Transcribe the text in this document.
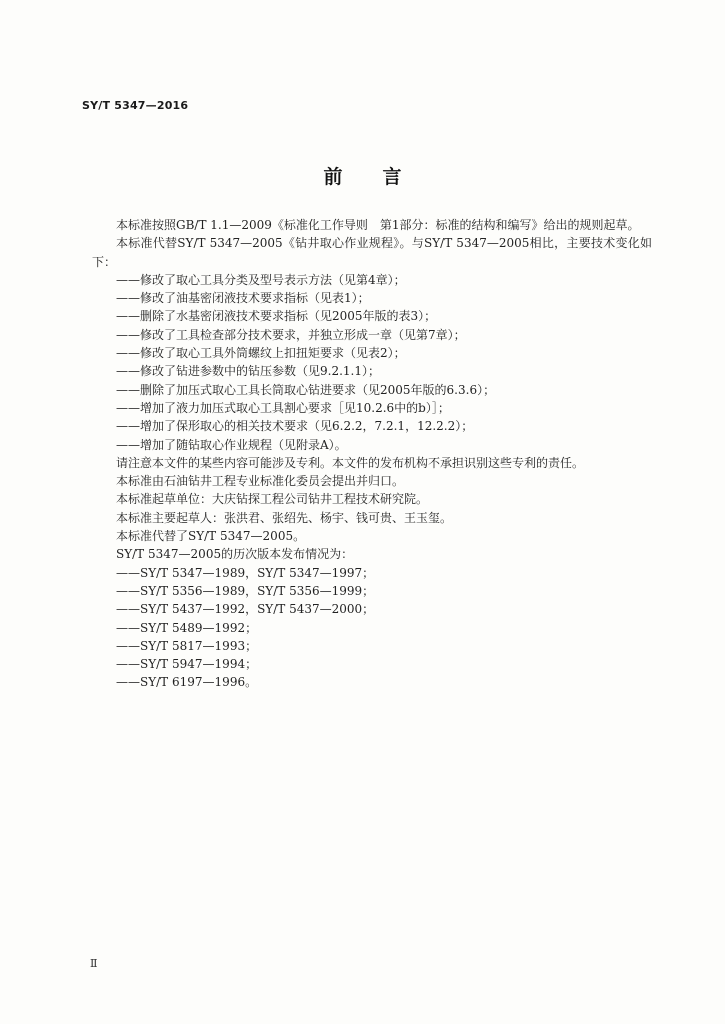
SY/T 5347—2016
前 言

本标准按照GB/T 1.1—2009《标准化工作导则　第1部分：标准的结构和编写》给出的规则起草。

本标准代替SY/T 5347—2005《钻井取心作业规程》。与SY/T 5347—2005相比，主要技术变化如下：

——修改了取心工具分类及型号表示方法（见第4章）；

——修改了油基密闭液技术要求指标（见表1）；

——删除了水基密闭液技术要求指标（见2005年版的表3）；

——修改了工具检查部分技术要求，并独立形成一章（见第7章）；

——修改了取心工具外筒螺纹上扣扭矩要求（见表2）；

——修改了钻进参数中的钻压参数（见9.2.1.1）；

——删除了加压式取心工具长筒取心钻进要求（见2005年版的6.3.6）；

——增加了液力加压式取心工具割心要求［见10.2.6中的b）］；

——增加了保形取心的相关技术要求（见6.2.2，7.2.1，12.2.2）；

——增加了随钻取心作业规程（见附录A）。

请注意本文件的某些内容可能涉及专利。本文件的发布机构不承担识别这些专利的责任。

本标准由石油钻井工程专业标准化委员会提出并归口。

本标准起草单位：大庆钻探工程公司钻井工程技术研究院。

本标准主要起草人：张洪君、张绍先、杨宇、钱可贵、王玉玺。

本标准代替了SY/T 5347—2005。

SY/T 5347—2005的历次版本发布情况为：

——SY/T 5347—1989，SY/T 5347—1997；

——SY/T 5356—1989，SY/T 5356—1999；

——SY/T 5437—1992，SY/T 5437—2000；

——SY/T 5489—1992；

——SY/T 5817—1993；

——SY/T 5947—1994；

——SY/T 6197—1996。

Ⅱ
